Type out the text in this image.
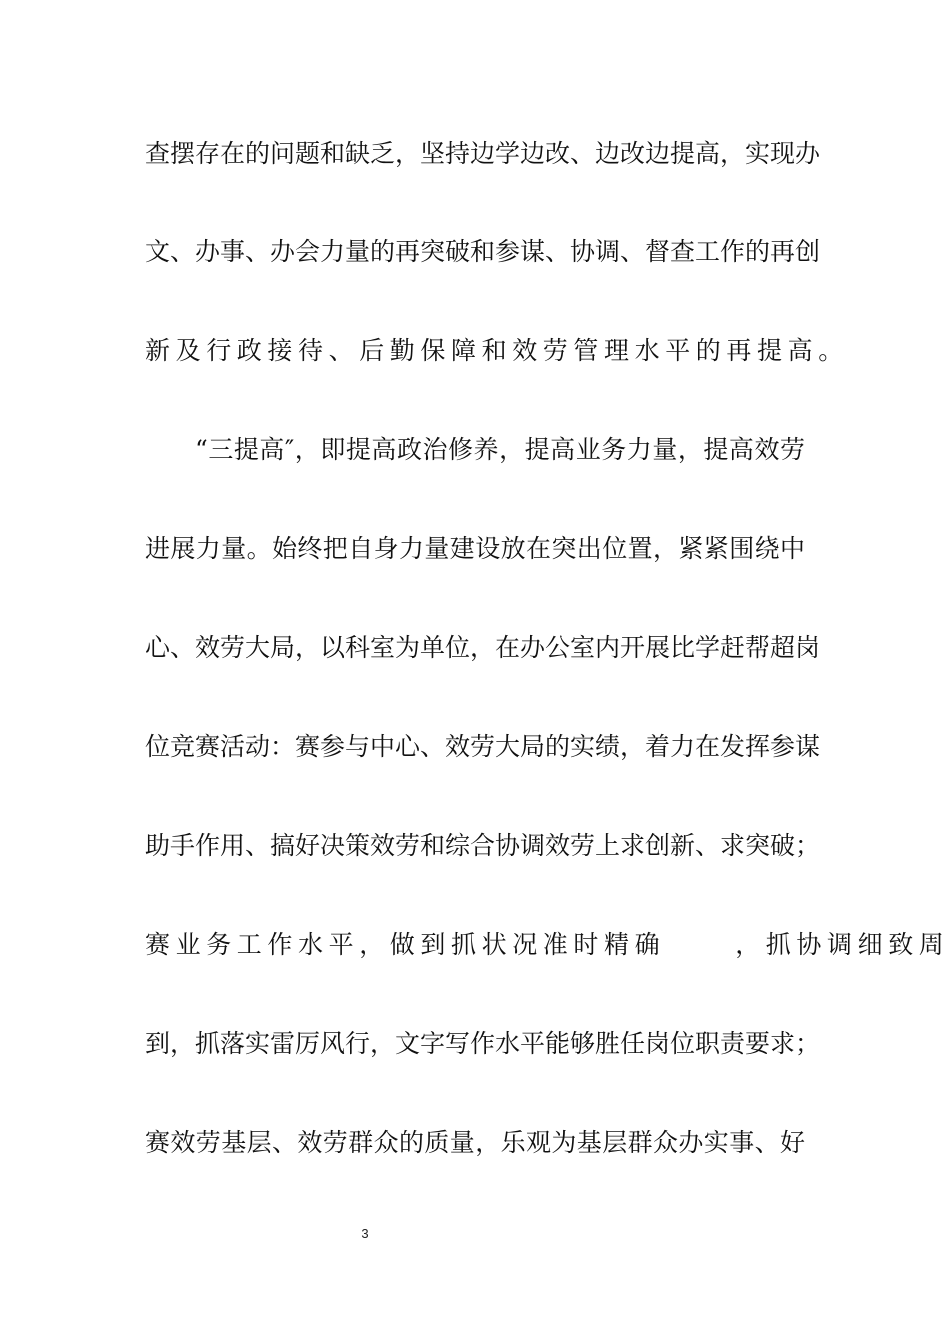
查摆存在的问题和缺乏，坚持边学边改、边改边提高，实现办
文、办事、办会力量的再突破和参谋、协调、督查工作的再创
新及行政接待、后勤保障和效劳管理水平的再提高。
“三提高″，即提高政治修养，提高业务力量，提高效劳
进展力量。始终把自身力量建设放在突出位置，紧紧围绕中
心、效劳大局，以科室为单位，在办公室内开展比学赶帮超岗
位竞赛活动：赛参与中心、效劳大局的实绩，着力在发挥参谋
助手作用、搞好决策效劳和综合协调效劳上求创新、求突破；
赛业务工作水平，做到抓状况准时精确	，抓协调细致周
到，抓落实雷厉风行，文字写作水平能够胜任岗位职责要求；
赛效劳基层、效劳群众的质量，乐观为基层群众办实事、好
3
